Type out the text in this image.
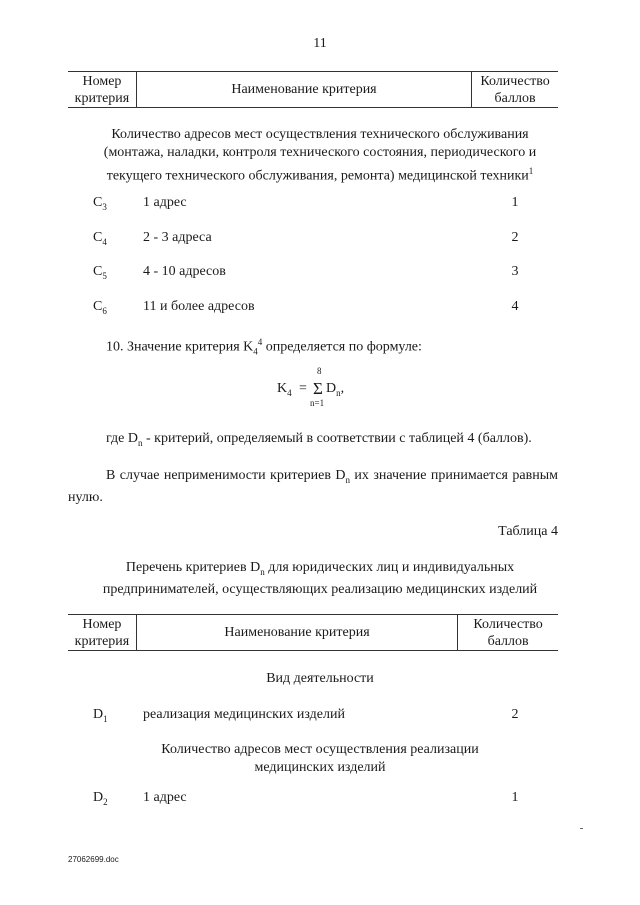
11
Номер критерия	Наименование критерия	Количество баллов
Количество адресов мест осуществления технического обслуживания
(монтажа, наладки, контроля технического состояния, периодического и
текущего технического обслуживания, ремонта) медицинской техники$^1$
$C_3$	1 адрес	1
$C_4$	2 - 3 адреса	2
$C_5$	4 - 10 адресов	3
$C_6$	11 и более адресов	4
10. Значение критерия $K_4^4$ определяется по формуле:
$K_4$ =
8
Σ
n=1
$D_n$,
где $D_n$ - критерий, определяемый в соответствии с таблицей 4 (баллов).
В случае неприменимости критериев $D_n$ их значение принимается равным нулю.
Таблица 4
Перечень критериев $D_n$ для юридических лиц и индивидуальных
предпринимателей, осуществляющих реализацию медицинских изделий
Номер критерия	Наименование критерия	Количество баллов
Вид деятельности
$D_1$	реализация медицинских изделий	2
Количество адресов мест осуществления реализации
медицинских изделий
$D_2$	1 адрес	1
27062699.doc
